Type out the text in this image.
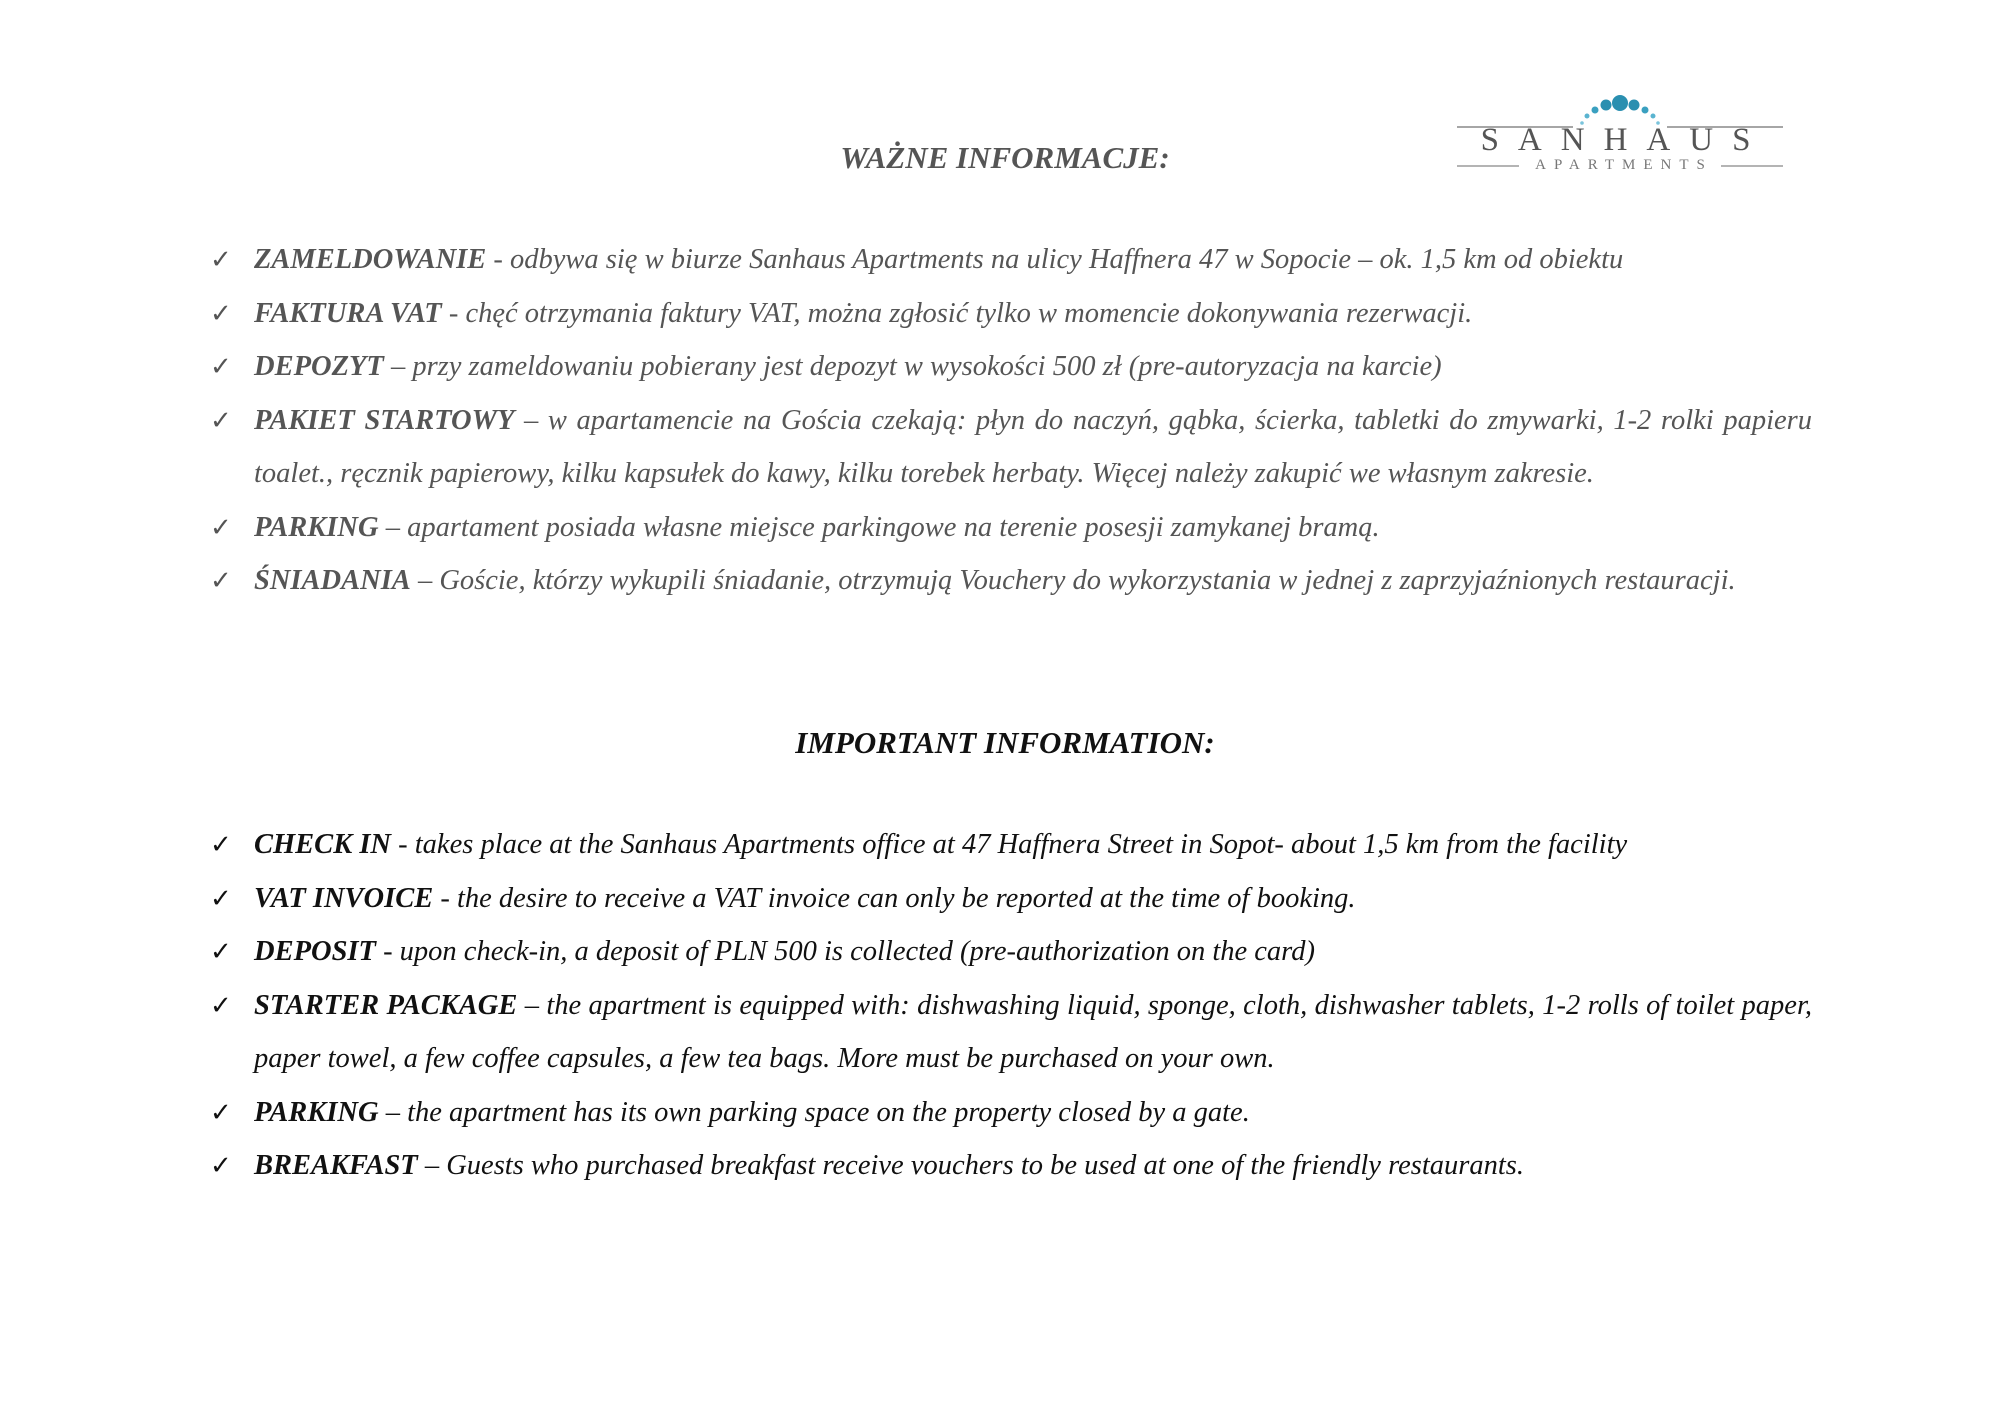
SANHAUS
APARTMENTS
WAŻNE INFORMACJE:
✓ ZAMELDOWANIE - odbywa się w biurze Sanhaus Apartments na ulicy Haffnera 47 w Sopocie – ok. 1,5 km od obiektu
✓ FAKTURA VAT - chęć otrzymania faktury VAT, można zgłosić tylko w momencie dokonywania rezerwacji.
✓ DEPOZYT – przy zameldowaniu pobierany jest depozyt w wysokości 500 zł (pre-autoryzacja na karcie)
✓ PAKIET STARTOWY – w apartamencie na Gościa czekają: płyn do naczyń, gąbka, ścierka, tabletki do zmywarki, 1-2 rolki papieru toalet., ręcznik papierowy, kilku kapsułek do kawy, kilku torebek herbaty. Więcej należy zakupić we własnym zakresie.
✓ PARKING – apartament posiada własne miejsce parkingowe na terenie posesji zamykanej bramą.
✓ ŚNIADANIA – Goście, którzy wykupili śniadanie, otrzymują Vouchery do wykorzystania w jednej z zaprzyjaźnionych restauracji.
IMPORTANT INFORMATION:
✓ CHECK IN - takes place at the Sanhaus Apartments office at 47 Haffnera Street in Sopot- about 1,5 km from the facility
✓ VAT INVOICE - the desire to receive a VAT invoice can only be reported at the time of booking.
✓ DEPOSIT - upon check-in, a deposit of PLN 500 is collected (pre-authorization on the card)
✓ STARTER PACKAGE – the apartment is equipped with: dishwashing liquid, sponge, cloth, dishwasher tablets, 1-2 rolls of toilet paper, paper towel, a few coffee capsules, a few tea bags. More must be purchased on your own.
✓ PARKING – the apartment has its own parking space on the property closed by a gate.
✓ BREAKFAST – Guests who purchased breakfast receive vouchers to be used at one of the friendly restaurants.
